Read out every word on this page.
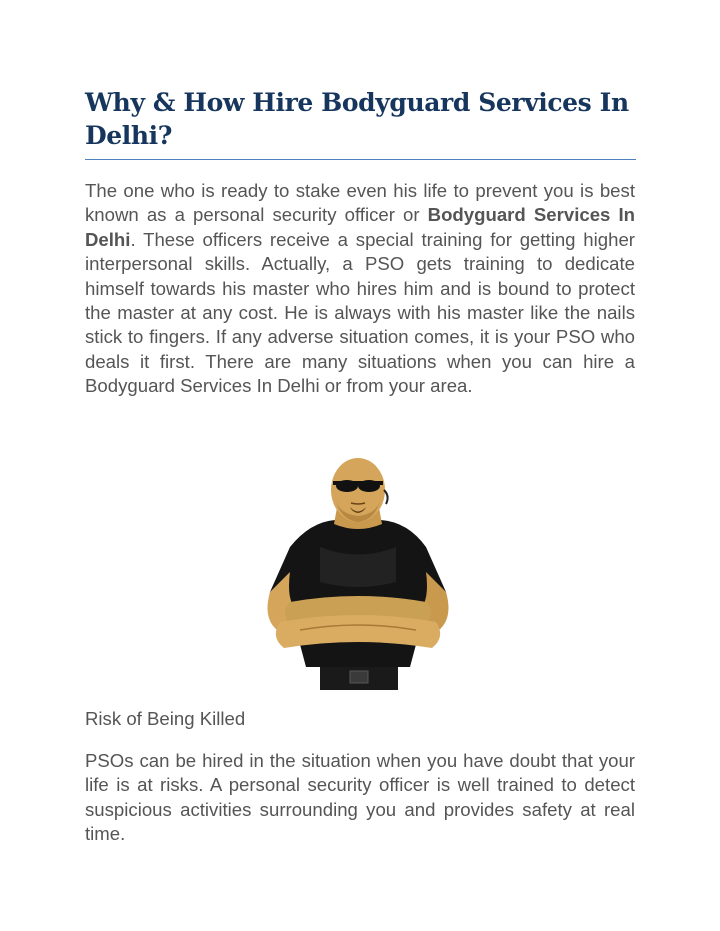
Why & How Hire Bodyguard Services In Delhi?

The one who is ready to stake even his life to prevent you is best known as a personal security officer or Bodyguard Services In Delhi. These officers receive a special training for getting higher interpersonal skills. Actually, a PSO gets training to dedicate himself towards his master who hires him and is bound to protect the master at any cost. He is always with his master like the nails stick to fingers. If any adverse situation comes, it is your PSO who deals it first. There are many situations when you can hire a Bodyguard Services In Delhi or from your area.

Risk of Being Killed

PSOs can be hired in the situation when you have doubt that your life is at risks. A personal security officer is well trained to detect suspicious activities surrounding you and provides safety at real time.
